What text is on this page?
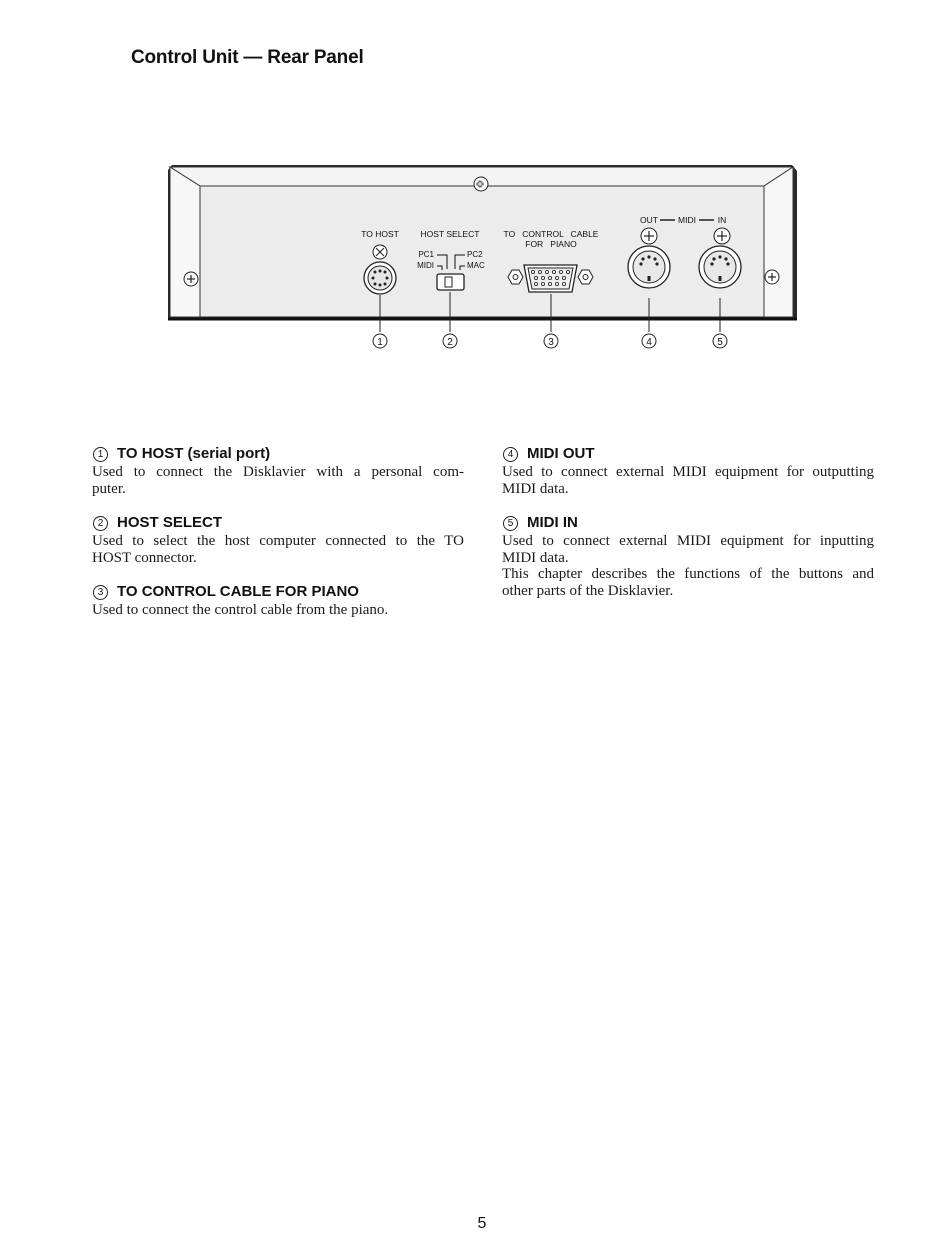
Control Unit — Rear Panel
TO HOST	HOST SELECT	TO   CONTROL   CABLE
FOR   PIANO
PC1
MIDI
PC2
MAC
OUT MIDI	IN
1	2	3	4	5
1 TO HOST (serial port)
Used to connect the Disklavier with a personal com-
puter.
2 HOST SELECT
Used to select the host computer connected to the TO
HOST connector.
3 TO CONTROL CABLE FOR PIANO
Used to connect the control cable from the piano.
4 MIDI OUT
Used to connect external MIDI equipment for outputting
MIDI data.
5 MIDI IN
Used to connect external MIDI equipment for inputting
MIDI data.
This chapter describes the functions of the buttons and
other parts of the Disklavier.
5
